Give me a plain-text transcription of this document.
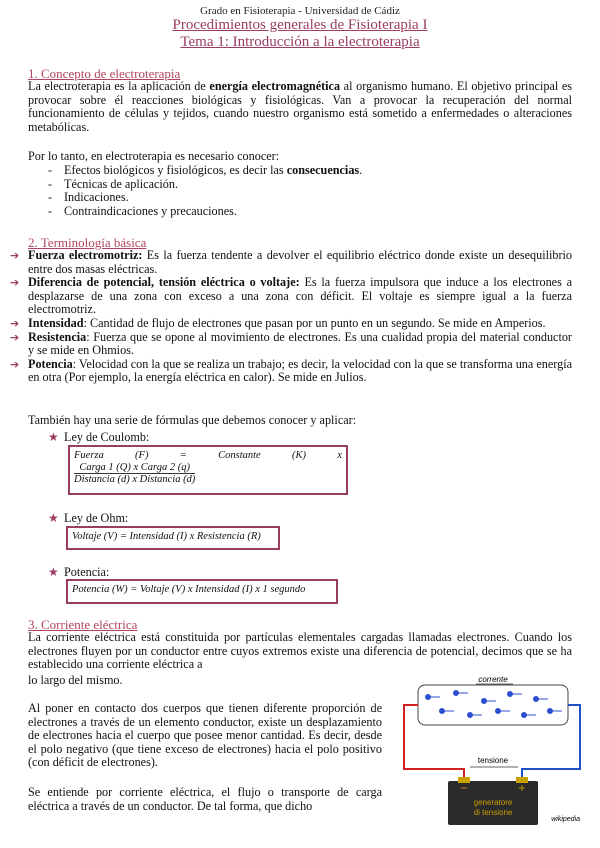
Grado en Fisioterapia - Universidad de Cádiz
Procedimientos generales de Fisioterapia I
Tema 1: Introducción a la electroterapia
1. Concepto de electroterapia
La electroterapia es la aplicación de energía electromagnética al organismo humano. El objetivo principal es provocar sobre él reacciones biológicas y fisiológicas. Van a provocar la recuperación del normal funcionamiento de células y tejidos, cuando nuestro organismo está sometido a enfermedades o alteraciones metabólicas.
Por lo tanto, en electroterapia es necesario conocer:
- Efectos biológicos y fisiológicos, es decir las consecuencias.
- Técnicas de aplicación.
- Indicaciones.
- Contraindicaciones y precauciones.
2. Terminología básica
➔ Fuerza electromotriz: Es la fuerza tendente a devolver el equilibrio eléctrico donde existe un desequilibrio entre dos masas eléctricas.
➔ Diferencia de potencial, tensión eléctrica o voltaje: Es la fuerza impulsora que induce a los electrones a desplazarse de una zona con exceso a una zona con déficit. El voltaje es siempre igual a la fuerza electromotriz.
➔ Intensidad: Cantidad de flujo de electrones que pasan por un punto en un segundo. Se mide en Amperios.
➔ Resistencia: Fuerza que se opone al movimiento de electrones. Es una cualidad propia del material conductor y se mide en Ohmios.
➔ Potencia: Velocidad con la que se realiza un trabajo; es decir, la velocidad con la que se transforma una energía en otra (Por ejemplo, la energía eléctrica en calor). Se mide en Julios.
También hay una serie de fórmulas que debemos conocer y aplicar:
★ Ley de Coulomb:
Fuerza	(F)	=	Constante	(K)	x
$\frac{\text{Carga 1 (Q) x Carga 2 (q)}}{\text{Distancia (d) x Distancia (d)}}$
★ Ley de Ohm:
Voltaje (V) = Intensidad (I) x Resistencia (R)
★ Potencia:
Potencia (W) = Voltaje (V) x Intensidad (I) x 1 segundo
3. Corriente eléctrica
La corriente eléctrica está constituida por partículas elementales cargadas llamadas electrones. Cuando los electrones fluyen por un conductor entre cuyos extremos existe una diferencia de potencial, decimos que se ha establecido una corriente eléctrica a
lo largo del mismo.
Al poner en contacto dos cuerpos que tienen diferente proporción de electrones a través de un elemento conductor, existe un desplazamiento de electrones hacia el cuerpo que posee menor cantidad. Es decir, desde el polo negativo (que tiene exceso de electrones) hacia el polo positivo (con déficit de electrones).
Se entiende por corriente eléctrica, el flujo o transporte de carga eléctrica a través de un conductor. De tal forma, que dicho
corrente
tensione
−	+
generatore
di tensione
wikipedia
